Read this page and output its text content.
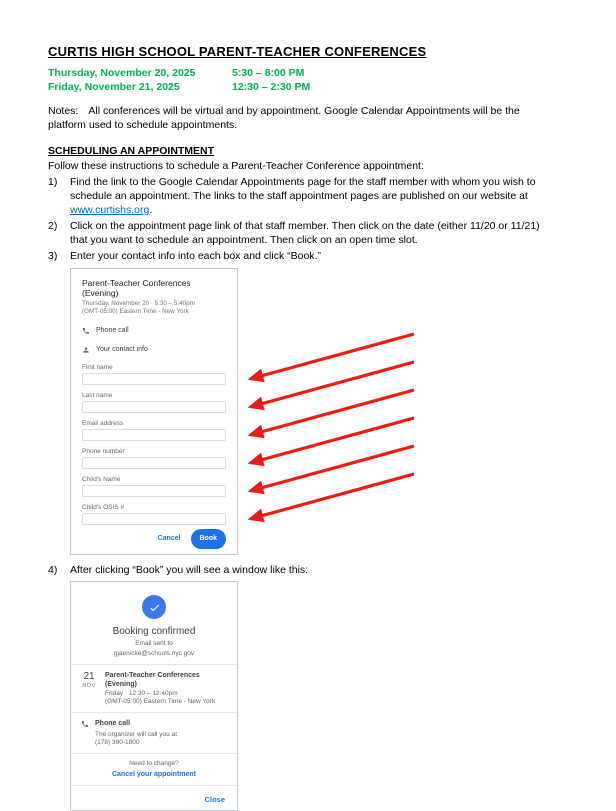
CURTIS HIGH SCHOOL PARENT-TEACHER CONFERENCES
Thursday, November 20, 2025	5:30 – 8:00 PM
Friday, November 21, 2025	12:30 – 2:30 PM

Notes: All conferences will be virtual and by appointment. Google Calendar Appointments will be the platform used to schedule appointments.

SCHEDULING AN APPOINTMENT

Follow these instructions to schedule a Parent-Teacher Conference appointment:

1)	Find the link to the Google Calendar Appointments page for the staff member with whom you wish to schedule an appointment. The links to the staff appointment pages are published on our website at www.curtishs.org.
2)	Click on the appointment page link of that staff member. Then click on the date (either 11/20 or 11/21) that you want to schedule an appointment. Then click on an open time slot.
3)	Enter your contact info into each box and click “Book.”
Parent-Teacher Conferences (Evening)
Thursday, November 20 · 5:30 – 5:40pm
(GMT-05:00) Eastern Time - New York
Phone call
Your contact info
First name
Last name
Email address
Phone number
Child's Name
Child's OSIS #
Cancel	Book
4)	After clicking “Book” you will see a window like this:
Booking confirmed
Email sent to
gjaenicke@schools.nyc.gov
21
NOV
Parent-Teacher Conferences (Evening)
Friday · 12:30 – 12:40pm
(GMT-05:00) Eastern Time - New York
Phone call
The organizer will call you at
(178) 390-1800
Need to change?
Cancel your appointment
Close
